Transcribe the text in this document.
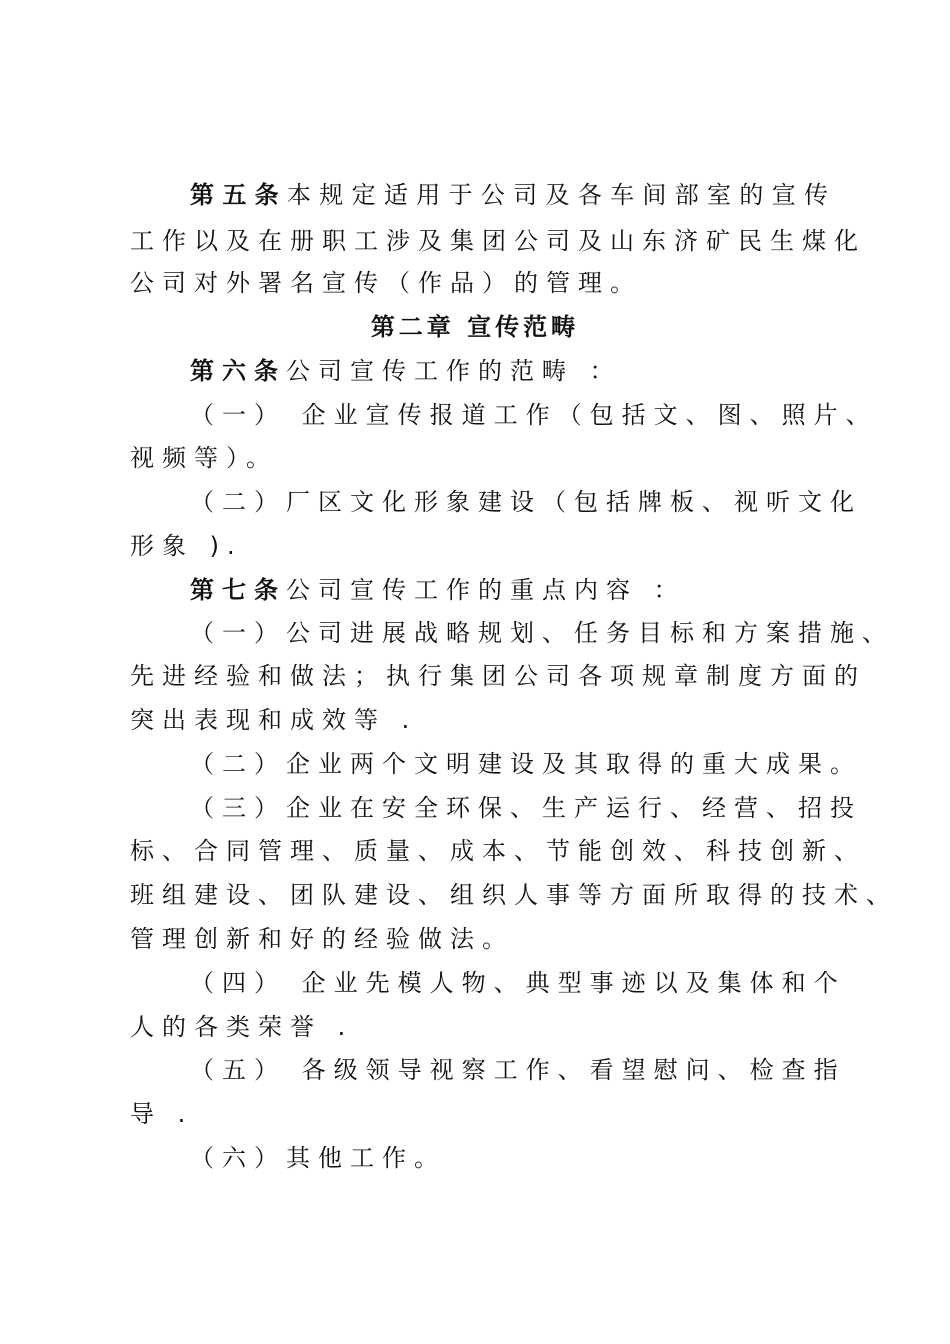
第五条本规定适用于公司及各车间部室的宣传
工作以及在册职工涉及集团公司及山东济矿民生煤化
公司对外署名宣传（作品）的管理。
第二章 宣传范畴
第六条公司宣传工作的范畴 ：
（一） 企业宣传报道工作（包括文、图、照片、
视频等）。
（二）厂区文化形象建设（包括牌板、视听文化
形象 ).
第七条公司宣传工作的重点内容 ：
（一）公司进展战略规划、任务目标和方案措施、
先进经验和做法；执行集团公司各项规章制度方面的
突出表现和成效等 .
（二）企业两个文明建设及其取得的重大成果。
（三）企业在安全环保、生产运行、经营、招投
标、合同管理、质量、成本、节能创效、科技创新、
班组建设、团队建设、组织人事等方面所取得的技术、
管理创新和好的经验做法。
（四） 企业先模人物、典型事迹以及集体和个
人的各类荣誉 .
（五） 各级领导视察工作、看望慰问、检查指
导 .
（六）其他工作。
